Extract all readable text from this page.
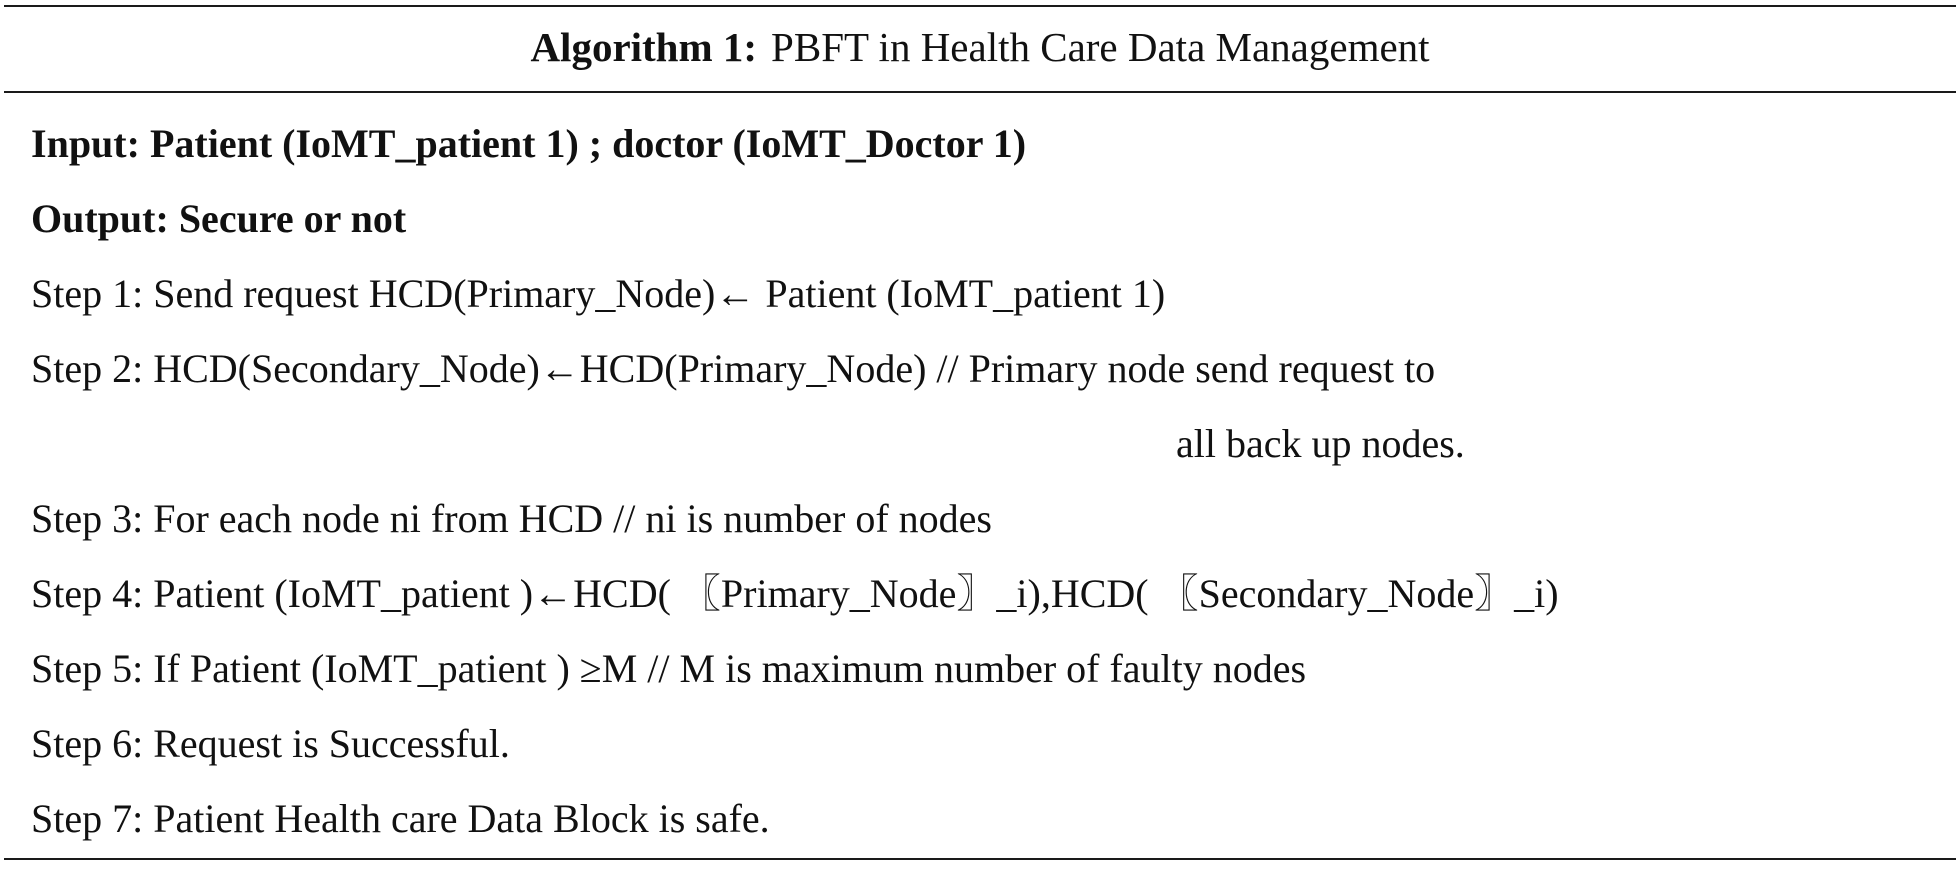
Algorithm 1: PBFT in Health Care Data Management
Input: Patient (IoMT_patient 1) ; doctor (IoMT_Doctor 1)
Output: Secure or not
Step 1: Send request HCD(Primary_Node)← Patient (IoMT_patient 1)
Step 2: HCD(Secondary_Node)←HCD(Primary_Node) // Primary node send request to
all back up nodes.
Step 3: For each node ni from HCD // ni is number of nodes
Step 4: Patient (IoMT_patient )←HCD( 〖Primary_Node〗_i),HCD( 〖Secondary_Node〗_i)
Step 5: If Patient (IoMT_patient ) ≥M // M is maximum number of faulty nodes
Step 6: Request is Successful.
Step 7: Patient Health care Data Block is safe.
